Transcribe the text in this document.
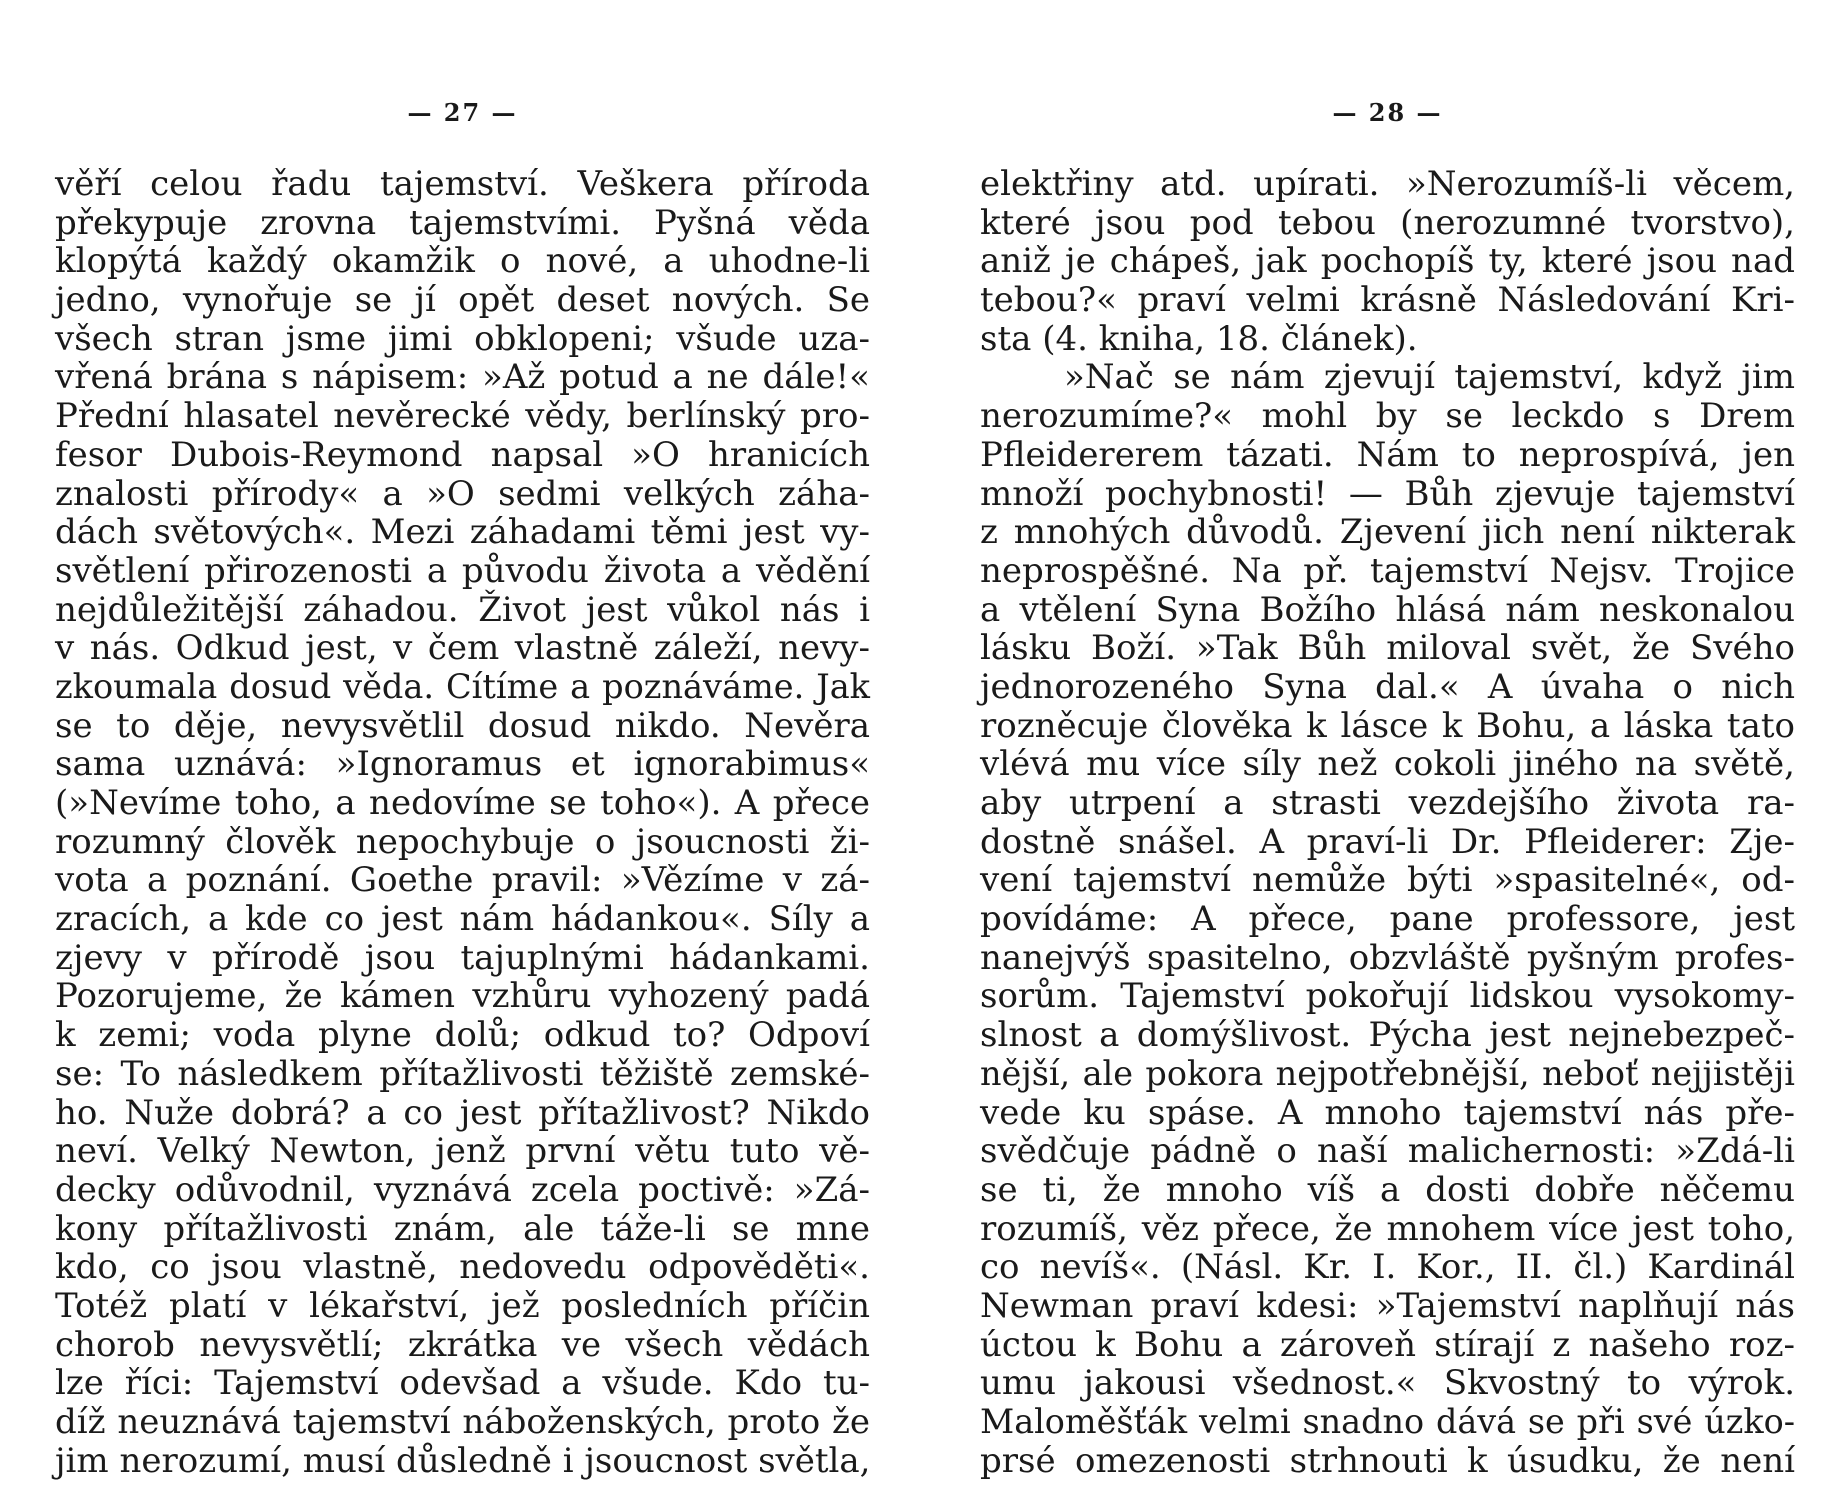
— 27 —
věří celou řadu tajemství. Veškera příroda
překypuje zrovna tajemstvími. Pyšná věda
klopýtá každý okamžik o nové, a uhodne-li
jedno, vynořuje se jí opět deset nových. Se
všech stran jsme jimi obklopeni; všude uza-
vřená brána s nápisem: »Až potud a ne dále!«
Přední hlasatel nevěrecké vědy, berlínský pro-
fesor Dubois-Reymond napsal »O hranicích
znalosti přírody« a »O sedmi velkých záha-
dách světových«. Mezi záhadami těmi jest vy-
světlení přirozenosti a původu života a vědění
nejdůležitější záhadou. Život jest vůkol nás i
v nás. Odkud jest, v čem vlastně záleží, nevy-
zkoumala dosud věda. Cítíme a poznáváme. Jak
se to děje, nevysvětlil dosud nikdo. Nevěra
sama uznává: »Ignoramus et ignorabimus«
(»Nevíme toho, a nedovíme se toho«). A přece
rozumný člověk nepochybuje o jsoucnosti ži-
vota a poznání. Goethe pravil: »Vězíme v zá-
zracích, a kde co jest nám hádankou«. Síly a
zjevy v přírodě jsou tajuplnými hádankami.
Pozorujeme, že kámen vzhůru vyhozený padá
k zemi; voda plyne dolů; odkud to? Odpoví
se: To následkem přítažlivosti těžiště zemské-
ho. Nuže dobrá? a co jest přítažlivost? Nikdo
neví. Velký Newton, jenž první větu tuto vě-
decky odůvodnil, vyznává zcela poctivě: »Zá-
kony přítažlivosti znám, ale táže-li se mne
kdo, co jsou vlastně, nedovedu odpověděti«.
Totéž platí v lékařství, jež posledních příčin
chorob nevysvětlí; zkrátka ve všech vědách
lze říci: Tajemství odevšad a všude. Kdo tu-
díž neuznává tajemství náboženských, proto že
jim nerozumí, musí důsledně i jsoucnost světla,
— 28 —
elektřiny atd. upírati. »Nerozumíš-li věcem,
které jsou pod tebou (nerozumné tvorstvo),
aniž je chápeš, jak pochopíš ty, které jsou nad
tebou?« praví velmi krásně Následování Kri-
sta (4. kniha, 18. článek).
»Nač se nám zjevují tajemství, když jim
nerozumíme?« mohl by se leckdo s Drem
Pfleidererem tázati. Nám to neprospívá, jen
množí pochybnosti! — Bůh zjevuje tajemství
z mnohých důvodů. Zjevení jich není nikterak
neprospěšné. Na př. tajemství Nejsv. Trojice
a vtělení Syna Božího hlásá nám neskonalou
lásku Boží. »Tak Bůh miloval svět, že Svého
jednorozeného Syna dal.« A úvaha o nich
rozněcuje člověka k lásce k Bohu, a láska tato
vlévá mu více síly než cokoli jiného na světě,
aby utrpení a strasti vezdejšího života ra-
dostně snášel. A praví-li Dr. Pfleiderer: Zje-
vení tajemství nemůže býti »spasitelné«, od-
povídáme: A přece, pane professore, jest
nanejvýš spasitelno, obzvláště pyšným profes-
sorům. Tajemství pokořují lidskou vysokomy-
slnost a domýšlivost. Pýcha jest nejnebezpeč-
nější, ale pokora nejpotřebnější, neboť nejjistěji
vede ku spáse. A mnoho tajemství nás pře-
svědčuje pádně o naší malichernosti: »Zdá-li
se ti, že mnoho víš a dosti dobře něčemu
rozumíš, věz přece, že mnohem více jest toho,
co nevíš«. (Násl. Kr. I. Kor., II. čl.) Kardinál
Newman praví kdesi: »Tajemství naplňují nás
úctou k Bohu a zároveň stírají z našeho roz-
umu jakousi všednost.« Skvostný to výrok.
Maloměšťák velmi snadno dává se při své úzko-
prsé omezenosti strhnouti k úsudku, že není
